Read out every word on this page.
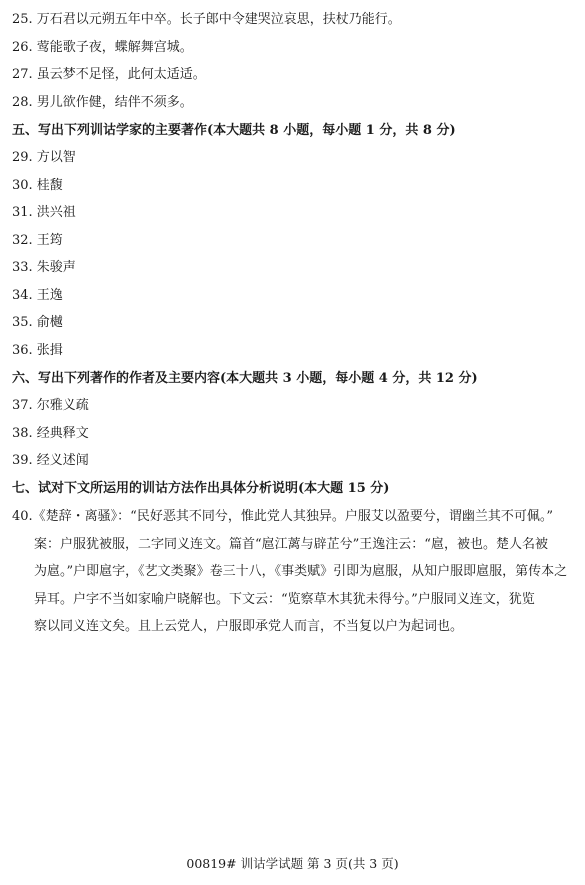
25. 万石君以元朔五年中卒。长子郎中令建哭泣哀思，扶杖乃能行。
26. 莺能歌子夜，蝶解舞宫城。
27. 虽云梦不足怪，此何太适适。
28. 男儿欲作健，结伴不须多。
五、写出下列训诂学家的主要著作(本大题共 8 小题，每小题 1 分，共 8 分)
29. 方以智
30. 桂馥
31. 洪兴祖
32. 王筠
33. 朱骏声
34. 王逸
35. 俞樾
36. 张揖
六、写出下列著作的作者及主要内容(本大题共 3 小题，每小题 4 分，共 12 分)
37. 尔雅义疏
38. 经典释文
39. 经义述闻
七、试对下文所运用的训诂方法作出具体分析说明(本大题 15 分)
40.《楚辞・离骚》：“民好恶其不同兮，惟此党人其独异。户服艾以盈要兮，谓幽兰其不可佩。”
案：户服犹被服，二字同义连文。篇首“扈江蓠与辟芷兮”王逸注云：“扈，被也。楚人名被
为扈。”户即扈字，《艺文类聚》卷三十八，《事类赋》引即为扈服，从知户服即扈服，第传本之
异耳。户字不当如家喻户晓解也。下文云：“览察草木其犹未得兮。”户服同义连文，犹览
察以同义连文矣。且上云党人，户服即承党人而言，不当复以户为起词也。
00819# 训诂学试题 第 3 页(共 3 页)
